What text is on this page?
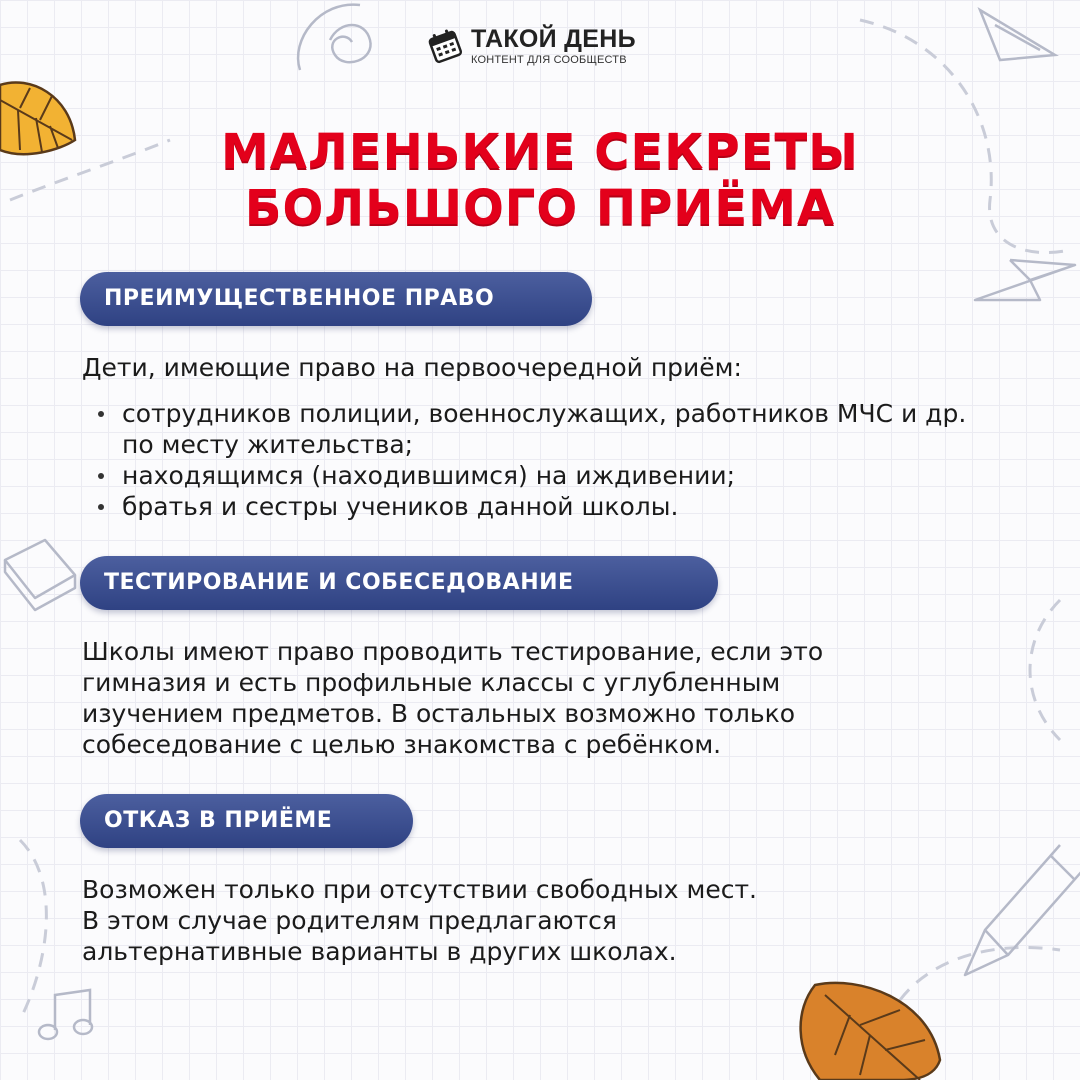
ТАКОЙ ДЕНЬ
КОНТЕНТ ДЛЯ СООБЩЕСТВ
МАЛЕНЬКИЕ СЕКРЕТЫ
БОЛЬШОГО ПРИЁМА
ПРЕИМУЩЕСТВЕННОЕ ПРАВО
Дети, имеющие право на первоочередной приём:
сотрудников полиции, военнослужащих, работников МЧС и др. по месту жительства;
находящимся (находившимся) на иждивении;
братья и сестры учеников данной школы.
ТЕСТИРОВАНИЕ И СОБЕСЕДОВАНИЕ
Школы имеют право проводить тестирование, если это
гимназия и есть профильные классы с углубленным
изучением предметов. В остальных возможно только
собеседование с целью знакомства с ребёнком.
ОТКАЗ В ПРИЁМЕ
Возможен только при отсутствии свободных мест.
В этом случае родителям предлагаются
альтернативные варианты в других школах.
